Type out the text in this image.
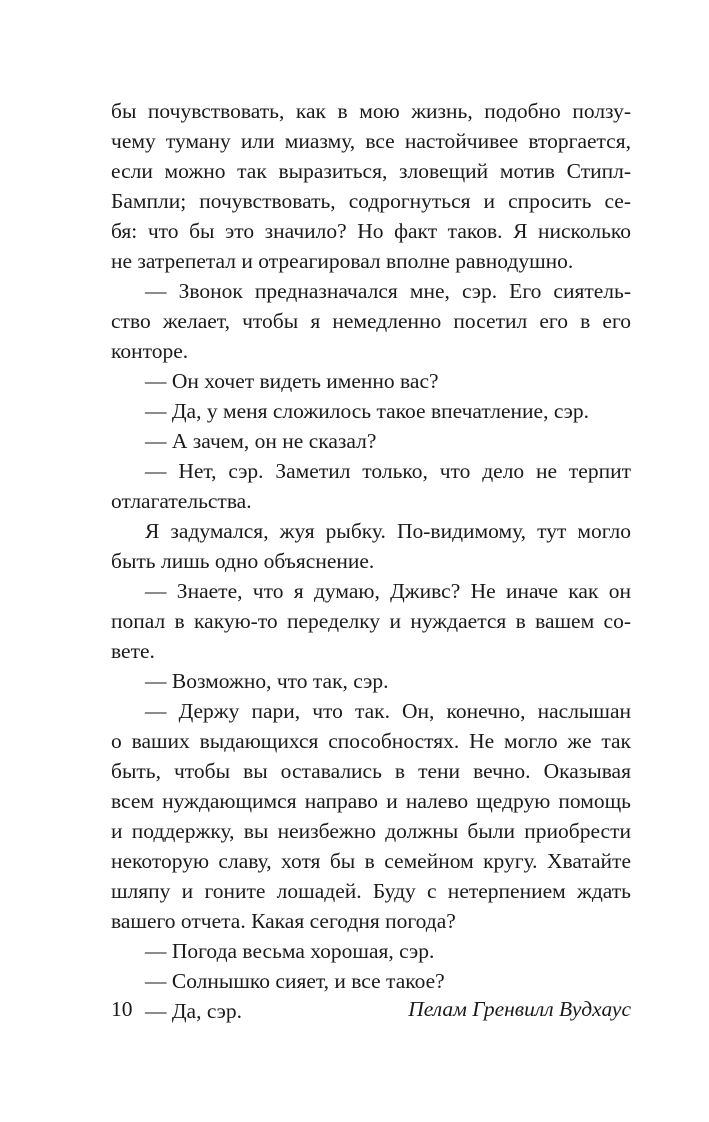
бы почувствовать, как в мою жизнь, подобно ползу-
чему туману или миазму, все настойчивее вторгается,
если можно так выразиться, зловещий мотив Стипл-
Бампли; почувствовать, содрогнуться и спросить се-
бя: что бы это значило? Но факт таков. Я нисколько
не затрепетал и отреагировал вполне равнодушно.
— Звонок предназначался мне, сэр. Его сиятель-
ство желает, чтобы я немедленно посетил его в его
конторе.
— Он хочет видеть именно вас?
— Да, у меня сложилось такое впечатление, сэр.
— А зачем, он не сказал?
— Нет, сэр. Заметил только, что дело не терпит
отлагательства.
Я задумался, жуя рыбку. По-видимому, тут могло
быть лишь одно объяснение.
— Знаете, что я думаю, Дживс? Не иначе как он
попал в какую-то переделку и нуждается в вашем со-
вете.
— Возможно, что так, сэр.
— Держу пари, что так. Он, конечно, наслышан
о ваших выдающихся способностях. Не могло же так
быть, чтобы вы оставались в тени вечно. Оказывая
всем нуждающимся направо и налево щедрую помощь
и поддержку, вы неизбежно должны были приобрести
некоторую славу, хотя бы в семейном кругу. Хватайте
шляпу и гоните лошадей. Буду с нетерпением ждать
вашего отчета. Какая сегодня погода?
— Погода весьма хорошая, сэр.
— Солнышко сияет, и все такое?
— Да, сэр.
10	Пелам Гренвилл Вудхаус
